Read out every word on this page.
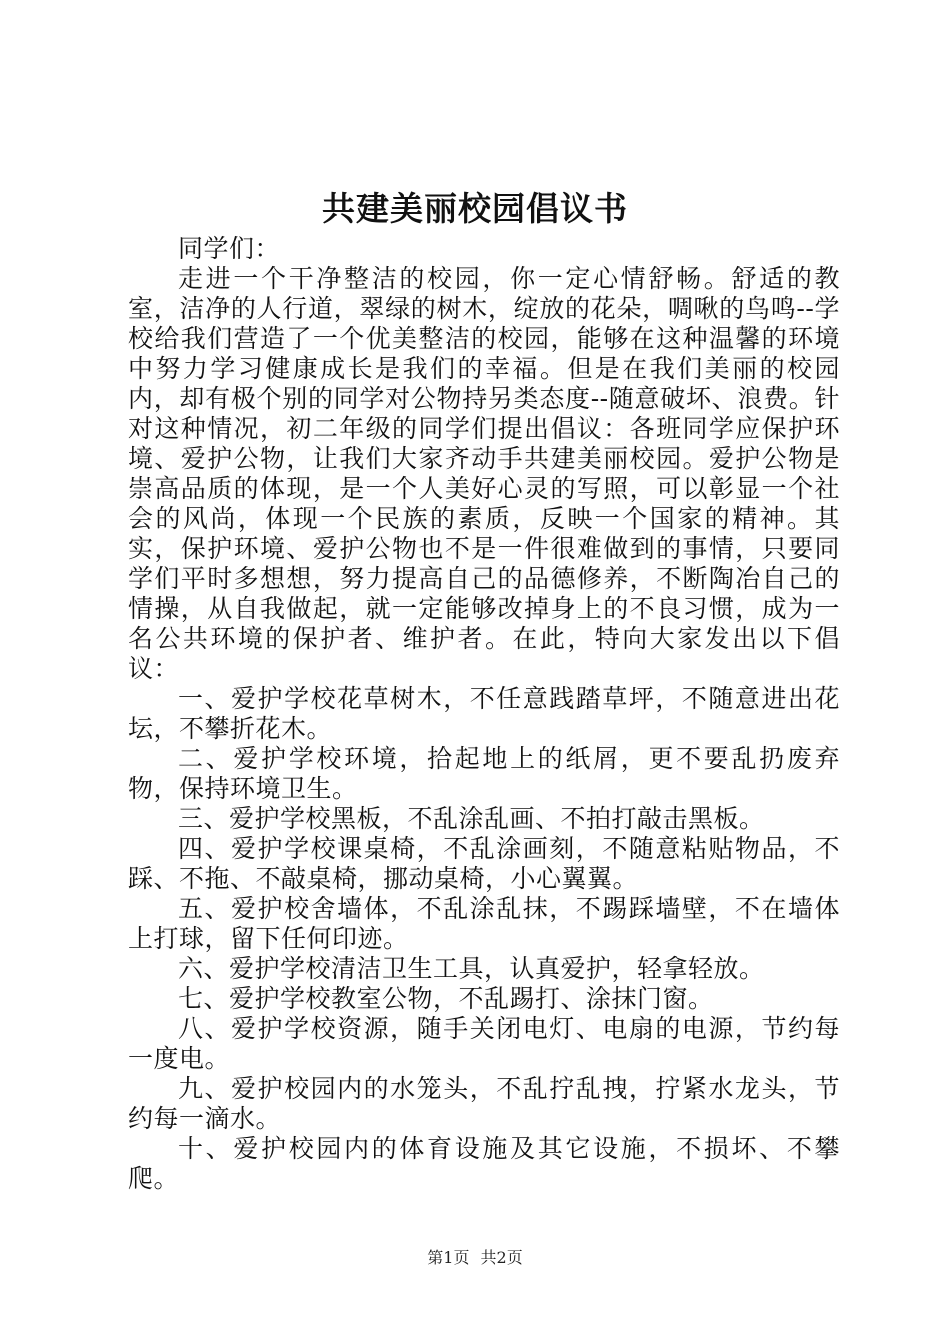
共建美丽校园倡议书

同学们：

走进一个干净整洁的校园，你一定心情舒畅。舒适的教室，洁净的人行道，翠绿的树木，绽放的花朵，啁啾的鸟鸣--学校给我们营造了一个优美整洁的校园，能够在这种温馨的环境中努力学习健康成长是我们的幸福。但是在我们美丽的校园内，却有极个别的同学对公物持另类态度--随意破坏、浪费。针对这种情况，初二年级的同学们提出倡议：各班同学应保护环境、爱护公物，让我们大家齐动手共建美丽校园。爱护公物是崇高品质的体现，是一个人美好心灵的写照，可以彰显一个社会的风尚，体现一个民族的素质，反映一个国家的精神。其实，保护环境、爱护公物也不是一件很难做到的事情，只要同学们平时多想想，努力提高自己的品德修养，不断陶冶自己的情操，从自我做起，就一定能够改掉身上的不良习惯，成为一名公共环境的保护者、维护者。在此，特向大家发出以下倡议：

一、爱护学校花草树木，不任意践踏草坪，不随意进出花坛，不攀折花木。

二、爱护学校环境，拾起地上的纸屑，更不要乱扔废弃物，保持环境卫生。

三、爱护学校黑板，不乱涂乱画、不拍打敲击黑板。

四、爱护学校课桌椅，不乱涂画刻，不随意粘贴物品，不踩、不拖、不敲桌椅，挪动桌椅，小心翼翼。

五、爱护校舍墙体，不乱涂乱抹，不踢踩墙壁，不在墙体上打球，留下任何印迹。

六、爱护学校清洁卫生工具，认真爱护，轻拿轻放。

七、爱护学校教室公物，不乱踢打、涂抹门窗。

八、爱护学校资源，随手关闭电灯、电扇的电源，节约每一度电。

九、爱护校园内的水笼头，不乱拧乱拽，拧紧水龙头，节约每一滴水。

十、爱护校园内的体育设施及其它设施，不损坏、不攀爬。

第1页 共2页
